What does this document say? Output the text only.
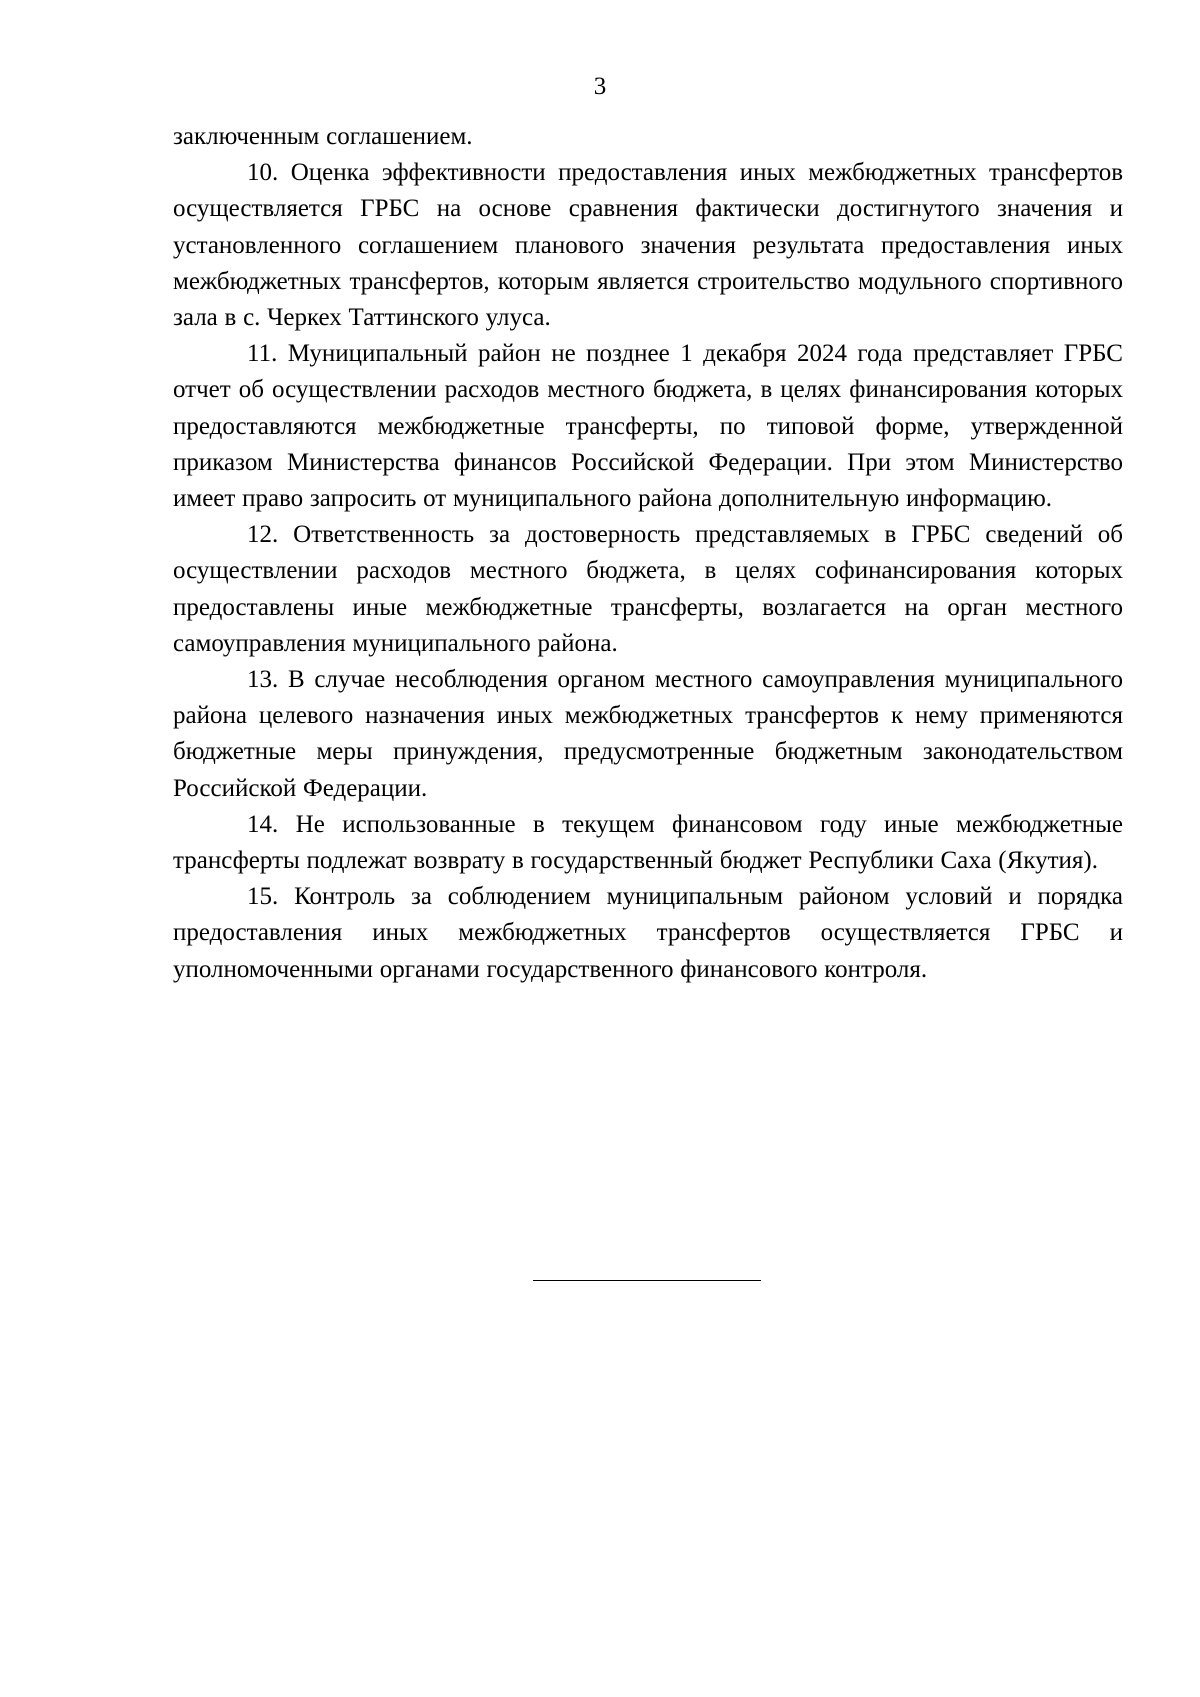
3

заключенным соглашением.

10. Оценка эффективности предоставления иных межбюджетных трансфертов осуществляется ГРБС на основе сравнения фактически достигнутого значения и установленного соглашением планового значения результата предоставления иных межбюджетных трансфертов, которым является строительство модульного спортивного зала в с. Черкех Таттинского улуса.

11. Муниципальный район не позднее 1 декабря 2024 года представляет ГРБС отчет об осуществлении расходов местного бюджета, в целях финансирования которых предоставляются межбюджетные трансферты, по типовой форме, утвержденной приказом Министерства финансов Российской Федерации. При этом Министерство имеет право запросить от муниципального района дополнительную информацию.

12. Ответственность за достоверность представляемых в ГРБС сведений об осуществлении расходов местного бюджета, в целях софинансирования которых предоставлены иные межбюджетные трансферты, возлагается на орган местного самоуправления муниципального района.

13. В случае несоблюдения органом местного самоуправления муниципального района целевого назначения иных межбюджетных трансфертов к нему применяются бюджетные меры принуждения, предусмотренные бюджетным законодательством Российской Федерации.

14. Не использованные в текущем финансовом году иные межбюджетные трансферты подлежат возврату в государственный бюджет Республики Саха (Якутия).

15. Контроль за соблюдением муниципальным районом условий и порядка предоставления иных межбюджетных трансфертов осуществляется ГРБС и уполномоченными органами государственного финансового контроля.
